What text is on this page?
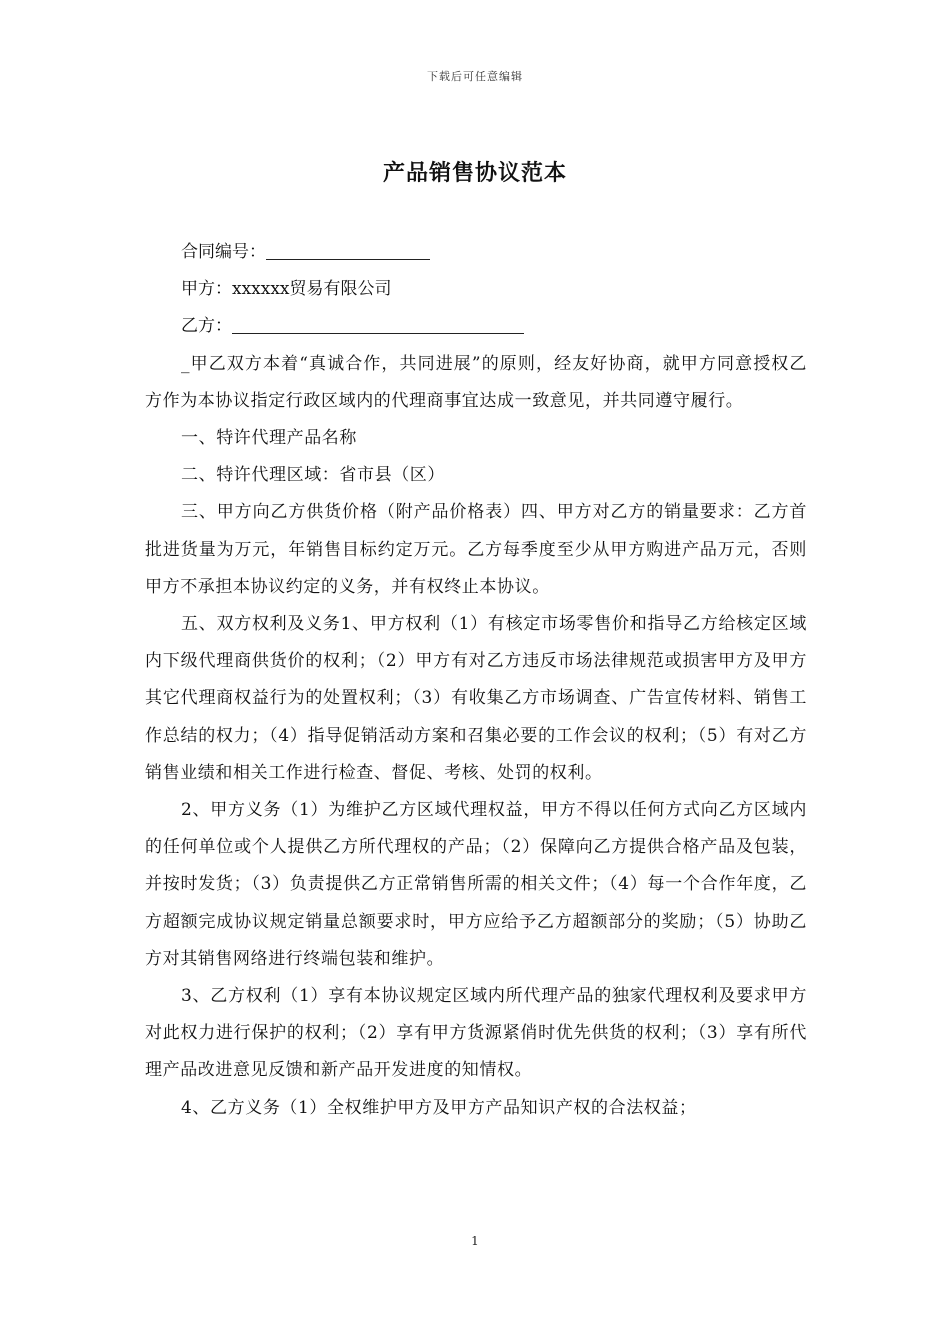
下载后可任意编辑
产品销售协议范本
合同编号：
甲方：xxxxxx贸易有限公司
乙方：

_甲乙双方本着“真诚合作，共同进展”的原则，经友好协商，就甲方同意授权乙方作为本协议指定行政区域内的代理商事宜达成一致意见，并共同遵守履行。

一、特许代理产品名称

二、特许代理区域：省市县（区）

三、甲方向乙方供货价格（附产品价格表）四、甲方对乙方的销量要求：乙方首批进货量为万元，年销售目标约定万元。乙方每季度至少从甲方购进产品万元，否则甲方不承担本协议约定的义务，并有权终止本协议。

五、双方权利及义务1、甲方权利（1）有核定市场零售价和指导乙方给核定区域内下级代理商供货价的权利；（2）甲方有对乙方违反市场法律规范或损害甲方及甲方其它代理商权益行为的处置权利；（3）有收集乙方市场调查、广告宣传材料、销售工作总结的权力；（4）指导促销活动方案和召集必要的工作会议的权利；（5）有对乙方销售业绩和相关工作进行检查、督促、考核、处罚的权利。

2、甲方义务（1）为维护乙方区域代理权益，甲方不得以任何方式向乙方区域内的任何单位或个人提供乙方所代理权的产品；（2）保障向乙方提供合格产品及包装，并按时发货；（3）负责提供乙方正常销售所需的相关文件；（4）每一个合作年度，乙方超额完成协议规定销量总额要求时，甲方应给予乙方超额部分的奖励；（5）协助乙方对其销售网络进行终端包装和维护。

3、乙方权利（1）享有本协议规定区域内所代理产品的独家代理权利及要求甲方对此权力进行保护的权利；（2）享有甲方货源紧俏时优先供货的权利；（3）享有所代理产品改进意见反馈和新产品开发进度的知情权。

4、乙方义务（1）全权维护甲方及甲方产品知识产权的合法权益；

1
